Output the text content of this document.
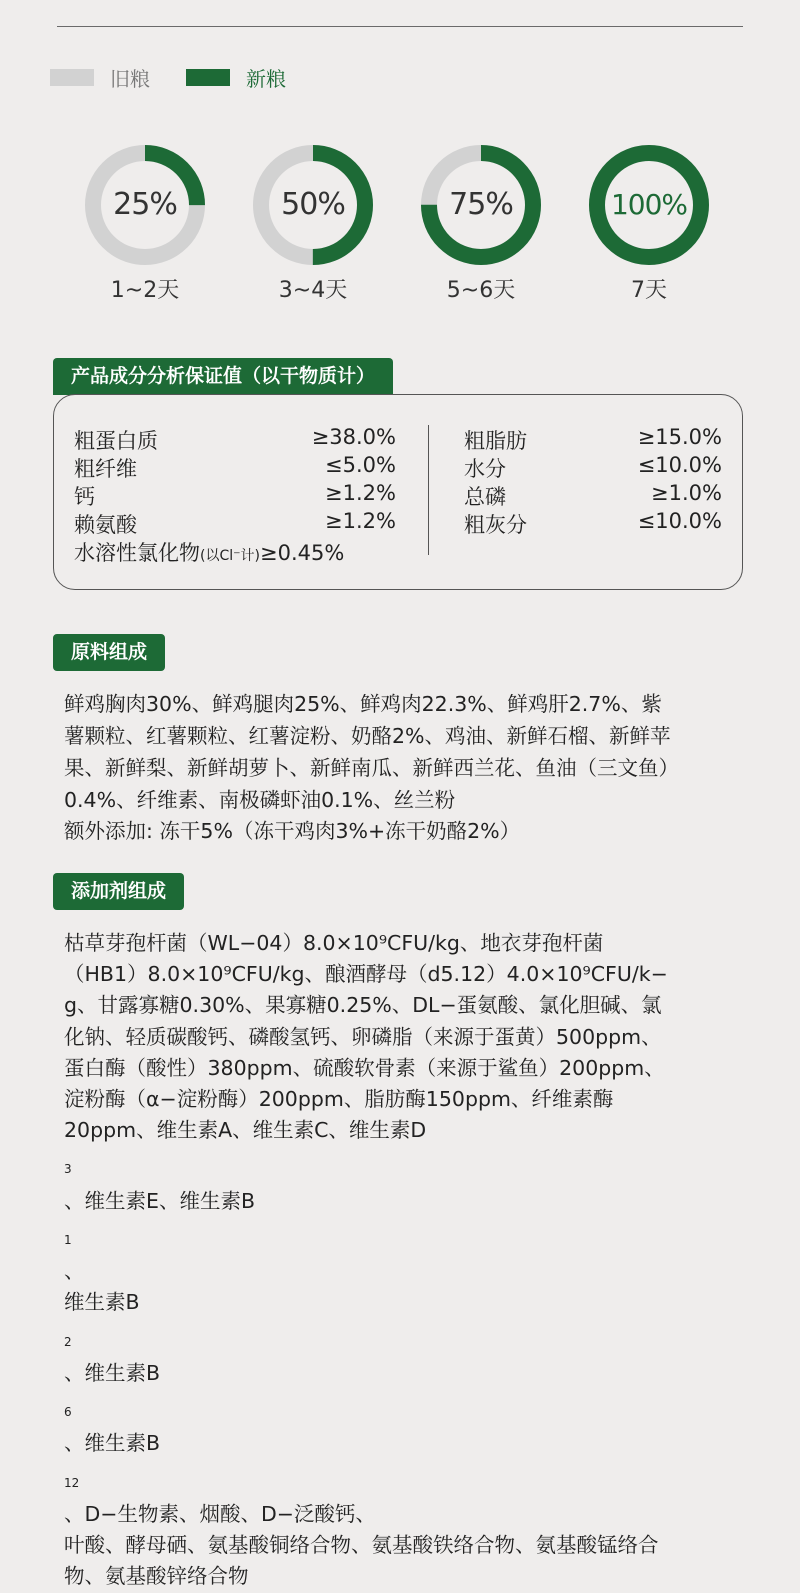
旧粮	新粮
25%
1~2天
50%
3~4天
75%
5~6天
100%
7天
产品成分分析保证值（以干物质计）
粗蛋白质	≥38.0%
粗纤维	≤5.0%
钙	≥1.2%
赖氨酸	≥1.2%
水溶性氯化物(以Cl⁻计)≥0.45%
粗脂肪	≥15.0%
水分	≤10.0%
总磷	≥1.0%
粗灰分	≤10.0%
原料组成
鲜鸡胸肉30%、鲜鸡腿肉25%、鲜鸡肉22.3%、鲜鸡肝2.7%、紫
薯颗粒、红薯颗粒、红薯淀粉、奶酪2%、鸡油、新鲜石榴、新鲜苹
果、新鲜梨、新鲜胡萝卜、新鲜南瓜、新鲜西兰花、鱼油（三文鱼）
0.4%、纤维素、南极磷虾油0.1%、丝兰粉
额外添加: 冻干5%（冻干鸡肉3%+冻干奶酪2%）
添加剂组成
枯草芽孢杆菌（WL−04）8.0×10⁹CFU/kg、地衣芽孢杆菌
（HB1）8.0×10⁹CFU/kg、酿酒酵母（d5.12）4.0×10⁹CFU/k−
g、甘露寡糖0.30%、果寡糖0.25%、DL−蛋氨酸、氯化胆碱、氯
化钠、轻质碳酸钙、磷酸氢钙、卵磷脂（来源于蛋黄）500ppm、
蛋白酶（酸性）380ppm、硫酸软骨素（来源于鲨鱼）200ppm、
淀粉酶（α−淀粉酶）200ppm、脂肪酶150ppm、纤维素酶
20ppm、维生素A、维生素C、维生素D
$_3$
、维生素E、维生素B
$_1$
、
维生素B
$_2$
、维生素B
$_6$
、维生素B
$_{12}$
、D−生物素、烟酸、D−泛酸钙、
叶酸、酵母硒、氨基酸铜络合物、氨基酸铁络合物、氨基酸锰络合
物、氨基酸锌络合物
